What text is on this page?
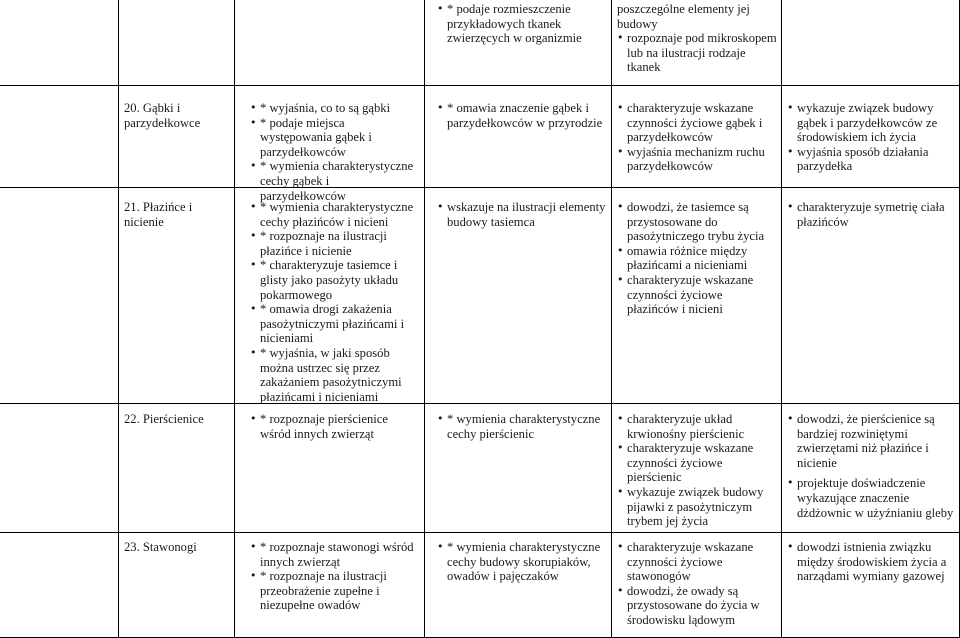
• * podaje rozmieszczenie przykładowych tkanek zwierzęcych w organizmie
poszczególne elementy jej budowy
• rozpoznaje pod mikroskopem lub na ilustracji rodzaje tkanek
20. Gąbki i parzydełkowce
• * wyjaśnia, co to są gąbki
• * podaje miejsca występowania gąbek i parzydełkowców
• * wymienia charakterystyczne cechy gąbek i parzydełkowców
• * omawia znaczenie gąbek i parzydełkowców w przyrodzie
• charakteryzuje wskazane czynności życiowe gąbek i parzydełkowców
• wyjaśnia mechanizm ruchu parzydełkowców
• wykazuje związek budowy gąbek i parzydełkowców ze środowiskiem ich życia
• wyjaśnia sposób działania parzydełka
21. Płazińce i nicienie
• * wymienia charakterystyczne cechy płazińców i nicieni
• * rozpoznaje na ilustracji płazińce i nicienie
• * charakteryzuje tasiemce i glisty jako pasożyty układu pokarmowego
• * omawia drogi zakażenia pasożytniczymi płazińcami i nicieniami
• * wyjaśnia, w jaki sposób można ustrzec się przez zakażaniem pasożytniczymi płazińcami i nicieniami
• wskazuje na ilustracji elementy budowy tasiemca
• dowodzi, że tasiemce są przystosowane do pasożytniczego trybu życia
• omawia różnice między płazińcami a nicieniami
• charakteryzuje wskazane czynności życiowe płazińców i nicieni
• charakteryzuje symetrię ciała płazińców
22. Pierścienice	• * rozpoznaje pierścienice wśród innych zwierząt
• * wymienia charakterystyczne cechy pierścienic
• charakteryzuje układ krwionośny pierścienic
• charakteryzuje wskazane czynności życiowe pierścienic
• wykazuje związek budowy pijawki z pasożytniczym trybem jej życia
• dowodzi, że pierścienice są bardziej rozwiniętymi zwierzętami niż płazińce i nicienie
• projektuje doświadczenie wykazujące znaczenie dżdżownic w użyźnianiu gleby
23. Stawonogi	• * rozpoznaje stawonogi wśród innych zwierząt
• * rozpoznaje na ilustracji przeobrażenie zupełne i niezupełne owadów
• * wymienia charakterystyczne cechy budowy skorupiaków, owadów i pajęczaków
• charakteryzuje wskazane czynności życiowe stawonogów
• dowodzi, że owady są przystosowane do życia w środowisku lądowym
• dowodzi istnienia związku między środowiskiem życia a narządami wymiany gazowej
